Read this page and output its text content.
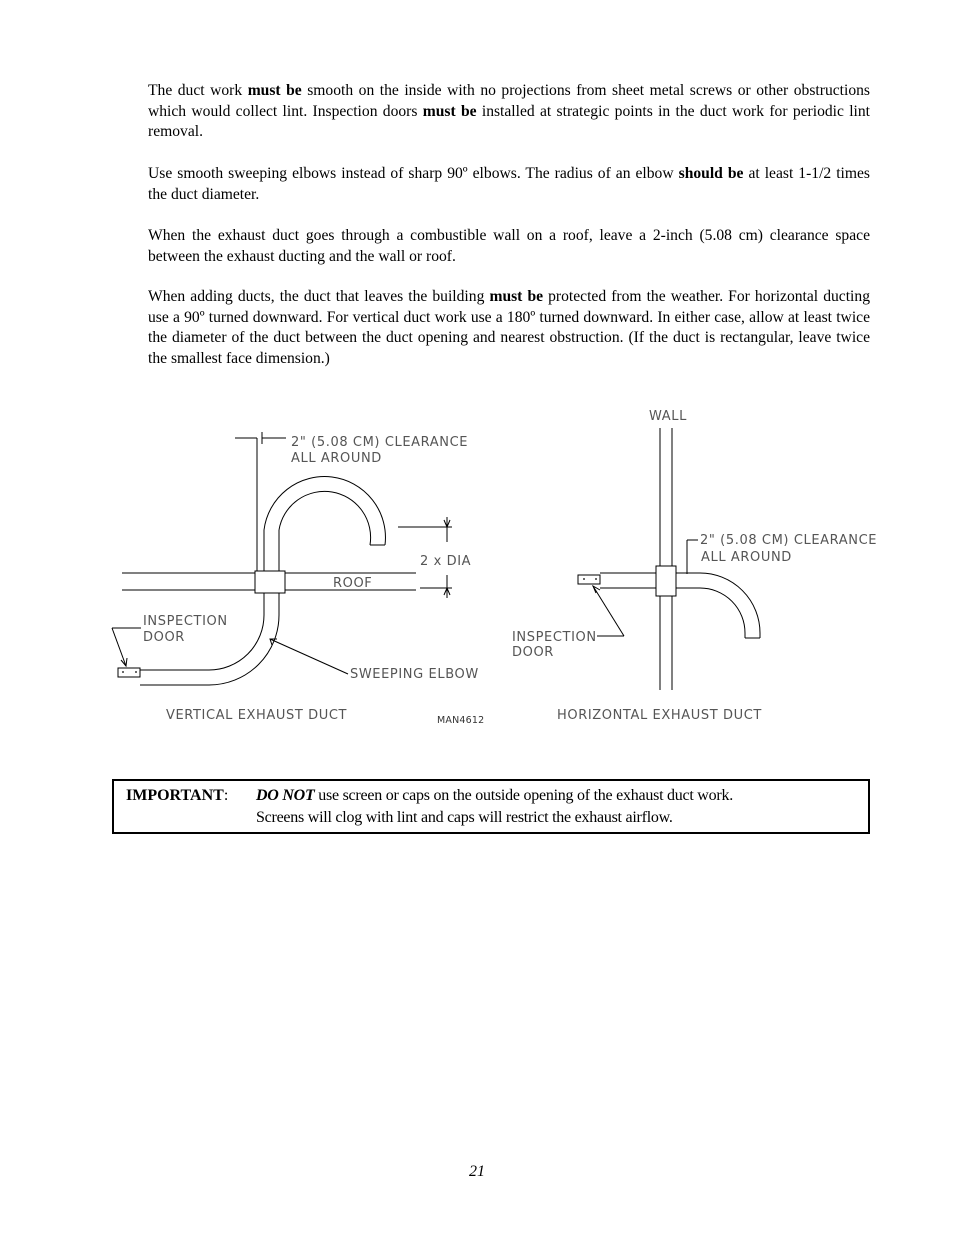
The duct work must be smooth on the inside with no projections from sheet metal screws or other obstructions which would collect lint. Inspection doors must be installed at strategic points in the duct work for periodic lint removal.

Use smooth sweeping elbows instead of sharp 90º elbows. The radius of an elbow should be at least 1-1/2 times the duct diameter.

When the exhaust duct goes through a combustible wall on a roof, leave a 2-inch (5.08 cm) clearance space between the exhaust ducting and the wall or roof.

When adding ducts, the duct that leaves the building must be protected from the weather. For horizontal ducting use a 90º turned downward. For vertical duct work use a 180º turned downward. In either case, allow at least twice the diameter of the duct between the duct opening and nearest obstruction. (If the duct is rectangular, leave twice the smallest face dimension.)

2" (5.08 CM) CLEARANCE
ALL AROUND
2 x DIA
ROOF
INSPECTION
DOOR
SWEEPING ELBOW
VERTICAL EXHAUST DUCT	MAN4612
WALL
2" (5.08 CM) CLEARANCE
ALL AROUND
INSPECTION
DOOR
HORIZONTAL EXHAUST DUCT
IMPORTANT: DO NOT use screen or caps on the outside opening of the exhaust duct work.
Screens will clog with lint and caps will restrict the exhaust airflow.
21
